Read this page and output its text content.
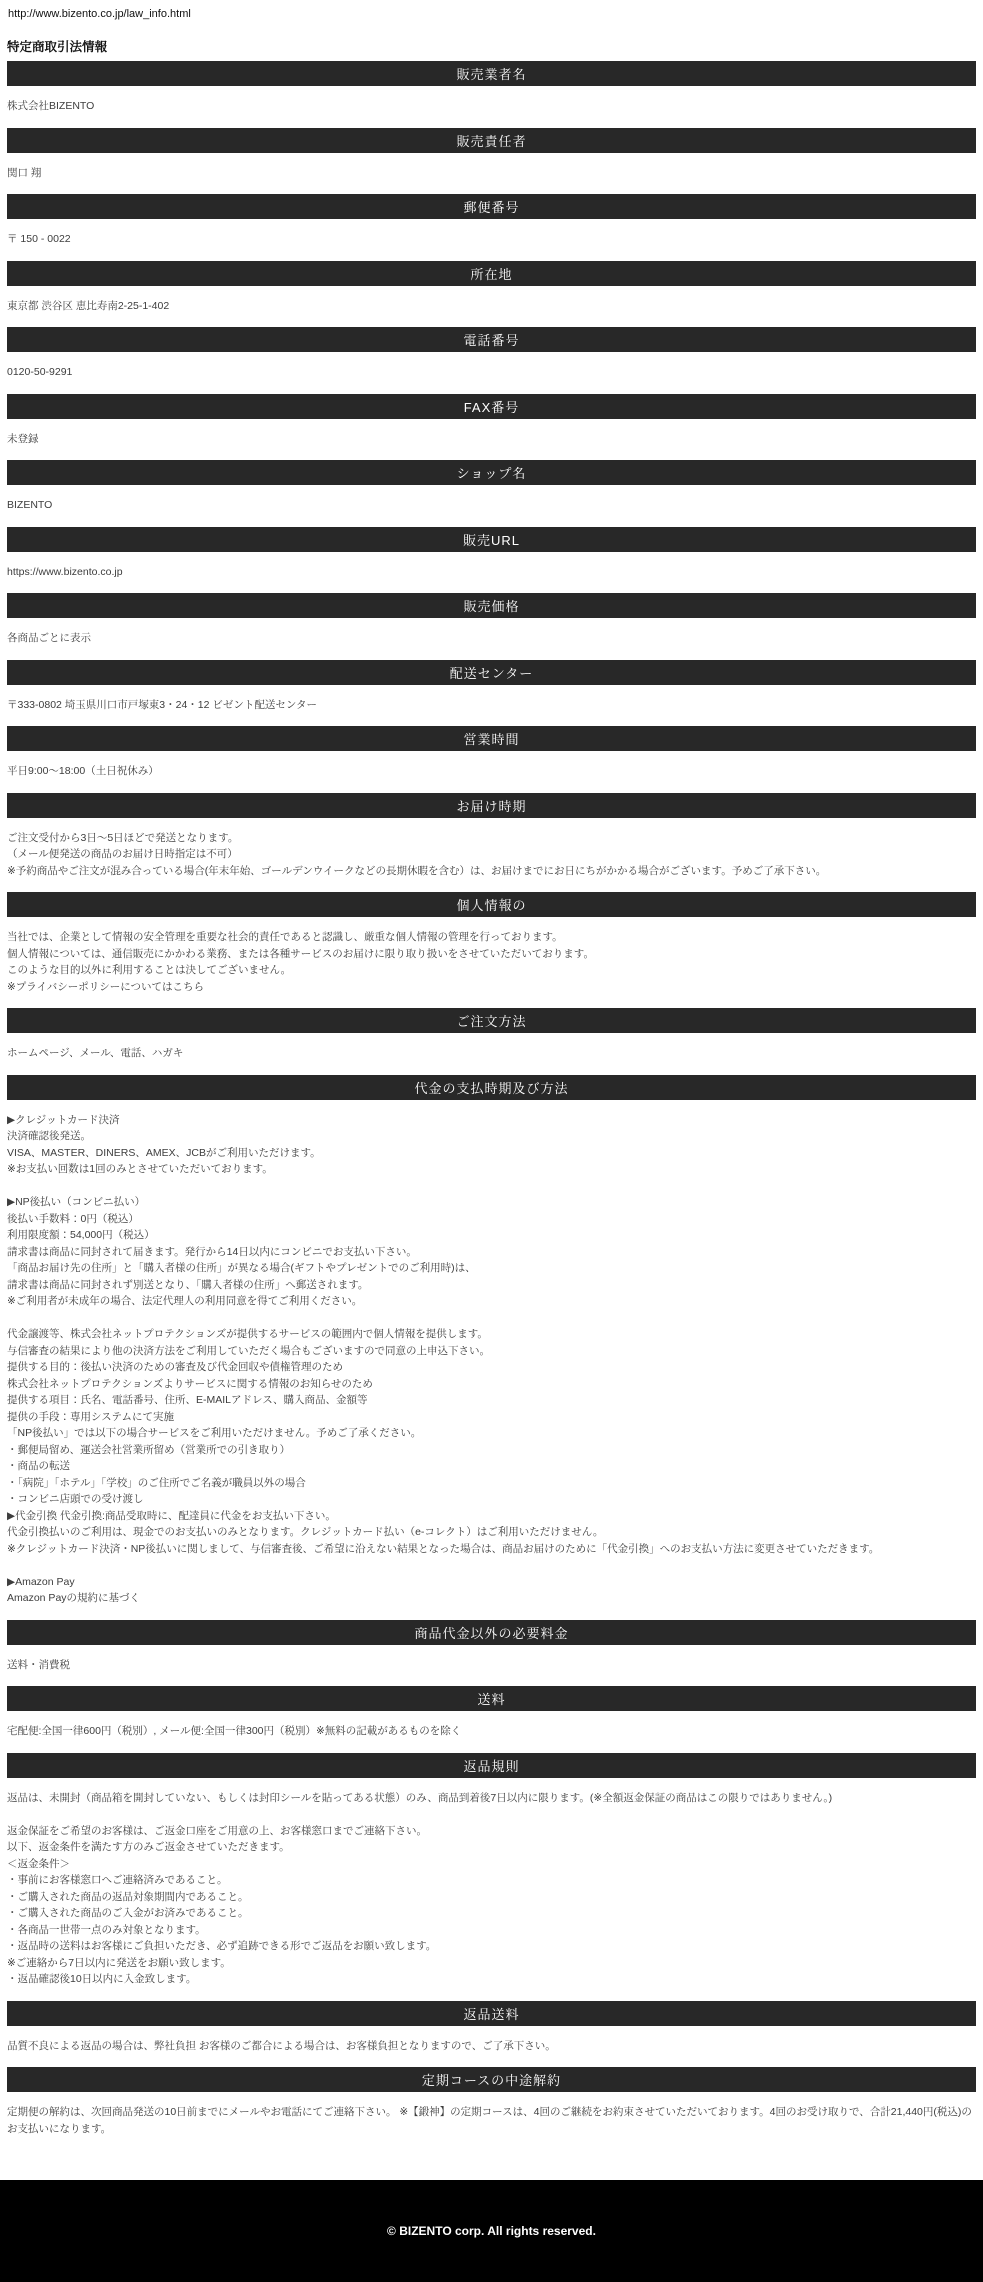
http://www.bizento.co.jp/law_info.html
特定商取引法情報
販売業者名
株式会社BIZENTO
販売責任者
関口 翔
郵便番号
〒 150 - 0022
所在地
東京都 渋谷区 恵比寿南2-25-1-402
電話番号
0120-50-9291
FAX番号
未登録
ショップ名
BIZENTO
販売URL
https://www.bizento.co.jp
販売価格
各商品ごとに表示
配送センター
〒333-0802 埼玉県川口市戸塚東3・24・12 ビゼント配送センター
営業時間
平日9:00～18:00（土日祝休み）
お届け時期
ご注文受付から3日～5日ほどで発送となります。
（メール便発送の商品のお届け日時指定は不可）
※予約商品やご注文が混み合っている場合(年末年始、ゴールデンウイークなどの長期休暇を含む）は、お届けまでにお日にちがかかる場合がございます。予めご了承下さい。
個人情報の
当社では、企業として情報の安全管理を重要な社会的責任であると認識し、厳重な個人情報の管理を行っております。
個人情報については、通信販売にかかわる業務、または各種サービスのお届けに限り取り扱いをさせていただいております。
このような目的以外に利用することは決してございません。
※プライバシーポリシーについてはこちら
ご注文方法
ホームページ、メール、電話、ハガキ
代金の支払時期及び方法
▶クレジットカード決済
決済確認後発送。
VISA、MASTER、DINERS、AMEX、JCBがご利用いただけます。
※お支払い回数は1回のみとさせていただいております。

▶NP後払い（コンビニ払い）
後払い手数料：0円（税込）
利用限度額：54,000円（税込）
請求書は商品に同封されて届きます。発行から14日以内にコンビニでお支払い下さい。
「商品お届け先の住所」と「購入者様の住所」が異なる場合(ギフトやプレゼントでのご利用時)は、
請求書は商品に同封されず別送となり、「購入者様の住所」へ郵送されます。
※ご利用者が未成年の場合、法定代理人の利用同意を得てご利用ください。

代金譲渡等、株式会社ネットプロテクションズが提供するサービスの範囲内で個人情報を提供します。
与信審査の結果により他の決済方法をご利用していただく場合もございますので同意の上申込下さい。
提供する目的：後払い決済のための審査及び代金回収や債権管理のため
株式会社ネットプロテクションズよりサービスに関する情報のお知らせのため
提供する項目：氏名、電話番号、住所、E-MAILアドレス、購入商品、金額等
提供の手段：専用システムにて実施
「NP後払い」では以下の場合サービスをご利用いただけません。予めご了承ください。
・郵便局留め、運送会社営業所留め（営業所での引き取り）
・商品の転送
・「病院」「ホテル」「学校」のご住所でご名義が職員以外の場合
・コンビニ店頭での受け渡し
▶代金引換 代金引換:商品受取時に、配達員に代金をお支払い下さい。
代金引換払いのご利用は、現金でのお支払いのみとなります。クレジットカード払い（e-コレクト）はご利用いただけません。
※クレジットカード決済・NP後払いに関しまして、与信審査後、ご希望に沿えない結果となった場合は、商品お届けのために「代金引換」へのお支払い方法に変更させていただきます。

▶Amazon Pay
Amazon Payの規約に基づく
商品代金以外の必要料金
送料・消費税
送料
宅配便:全国一律600円（税別）, メール便:全国一律300円（税別）※無料の記載があるものを除く
返品規則
返品は、未開封（商品箱を開封していない、もしくは封印シールを貼ってある状態）のみ、商品到着後7日以内に限ります。(※全額返金保証の商品はこの限りではありません。)

返金保証をご希望のお客様は、ご返金口座をご用意の上、お客様窓口までご連絡下さい。
以下、返金条件を満たす方のみご返金させていただきます。
＜返金条件＞
・事前にお客様窓口へご連絡済みであること。
・ご購入された商品の返品対象期間内であること。
・ご購入された商品のご入金がお済みであること。
・各商品一世帯一点のみ対象となります。
・返品時の送料はお客様にご負担いただき、必ず追跡できる形でご返品をお願い致します。
※ご連絡から7日以内に発送をお願い致します。
・返品確認後10日以内に入金致します。
返品送料
品質不良による返品の場合は、弊社負担 お客様のご都合による場合は、お客様負担となりますので、ご了承下さい。
定期コースの中途解約
定期便の解約は、次回商品発送の10日前までにメールやお電話にてご連絡下さい。 ※【鍛神】の定期コースは、4回のご継続をお約束させていただいております。4回のお受け取りで、合計21,440円(税込)のお支払いになります。
© BIZENTO corp. All rights reserved.
